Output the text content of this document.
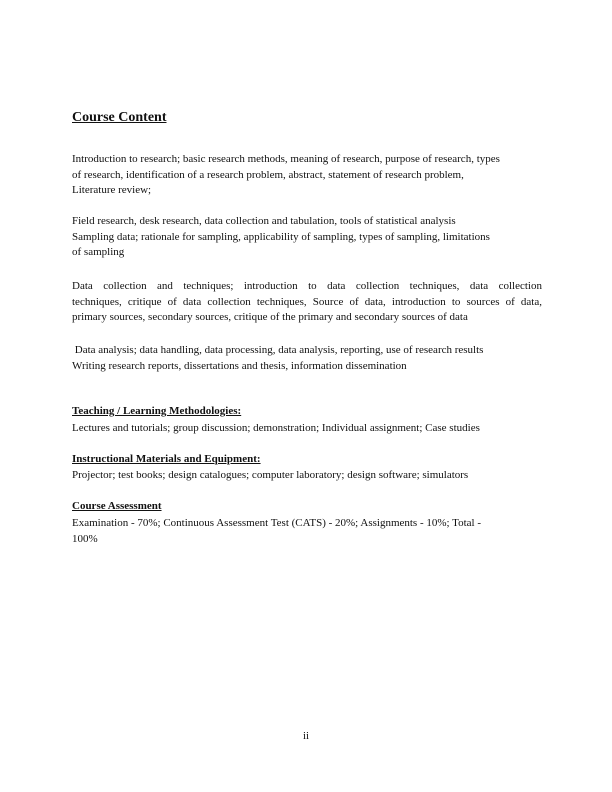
Course Content

Introduction to research; basic research methods, meaning of research, purpose of research, types
of research, identification of a research problem, abstract, statement of research problem,
Literature review;

Field research, desk research, data collection and tabulation, tools of statistical analysis
Sampling data; rationale for sampling, applicability of sampling, types of sampling, limitations
of sampling

Data collection and techniques; introduction to data collection techniques, data collection
techniques, critique of data collection techniques, Source of data, introduction to sources of data,
primary sources, secondary sources, critique of the primary and secondary sources of data

Data analysis; data handling, data processing, data analysis, reporting, use of research results
Writing research reports, dissertations and thesis, information dissemination

Teaching / Learning Methodologies:

Lectures and tutorials; group discussion; demonstration; Individual assignment; Case studies

Instructional Materials and Equipment:

Projector; test books; design catalogues; computer laboratory; design software; simulators

Course Assessment

Examination - 70%; Continuous Assessment Test (CATS) - 20%; Assignments - 10%; Total -
100%

ii
